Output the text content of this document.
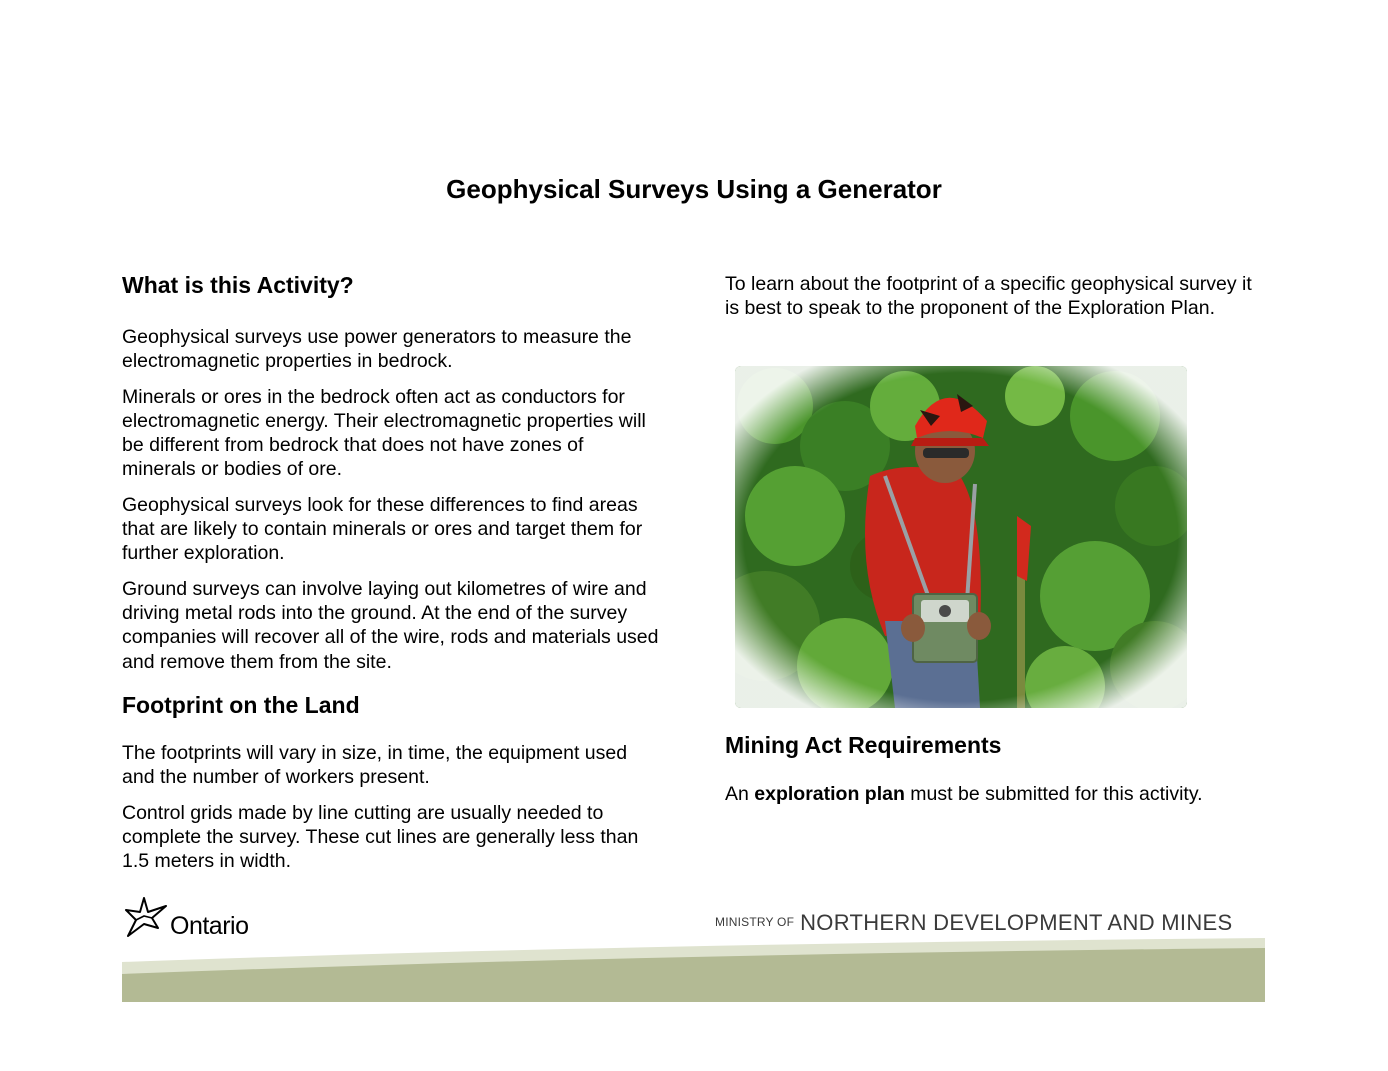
Geophysical Surveys Using a Generator
What is this Activity?

Geophysical surveys use power generators to measure the electromagnetic properties in bedrock.

Minerals or ores in the bedrock often act as conductors for electromagnetic energy. Their electromagnetic properties will be different from bedrock that does not have zones of minerals or bodies of ore.

Geophysical surveys look for these differences to find areas that are likely to contain minerals or ores and target them for further exploration.

Ground surveys can involve laying out kilometres of wire and driving metal rods into the ground. At the end of the survey companies will recover all of the wire, rods and materials used and remove them from the site.

Footprint on the Land

The footprints will vary in size, in time, the equipment used and the number of workers present.

Control grids made by line cutting are usually needed to complete the survey. These cut lines are generally less than 1.5 meters in width.

To learn about the footprint of a specific geophysical survey it is best to speak to the proponent of the Exploration Plan.

Mining Act Requirements

An exploration plan must be submitted for this activity.

Ontario	MINISTRY OF NORTHERN DEVELOPMENT AND MINES
